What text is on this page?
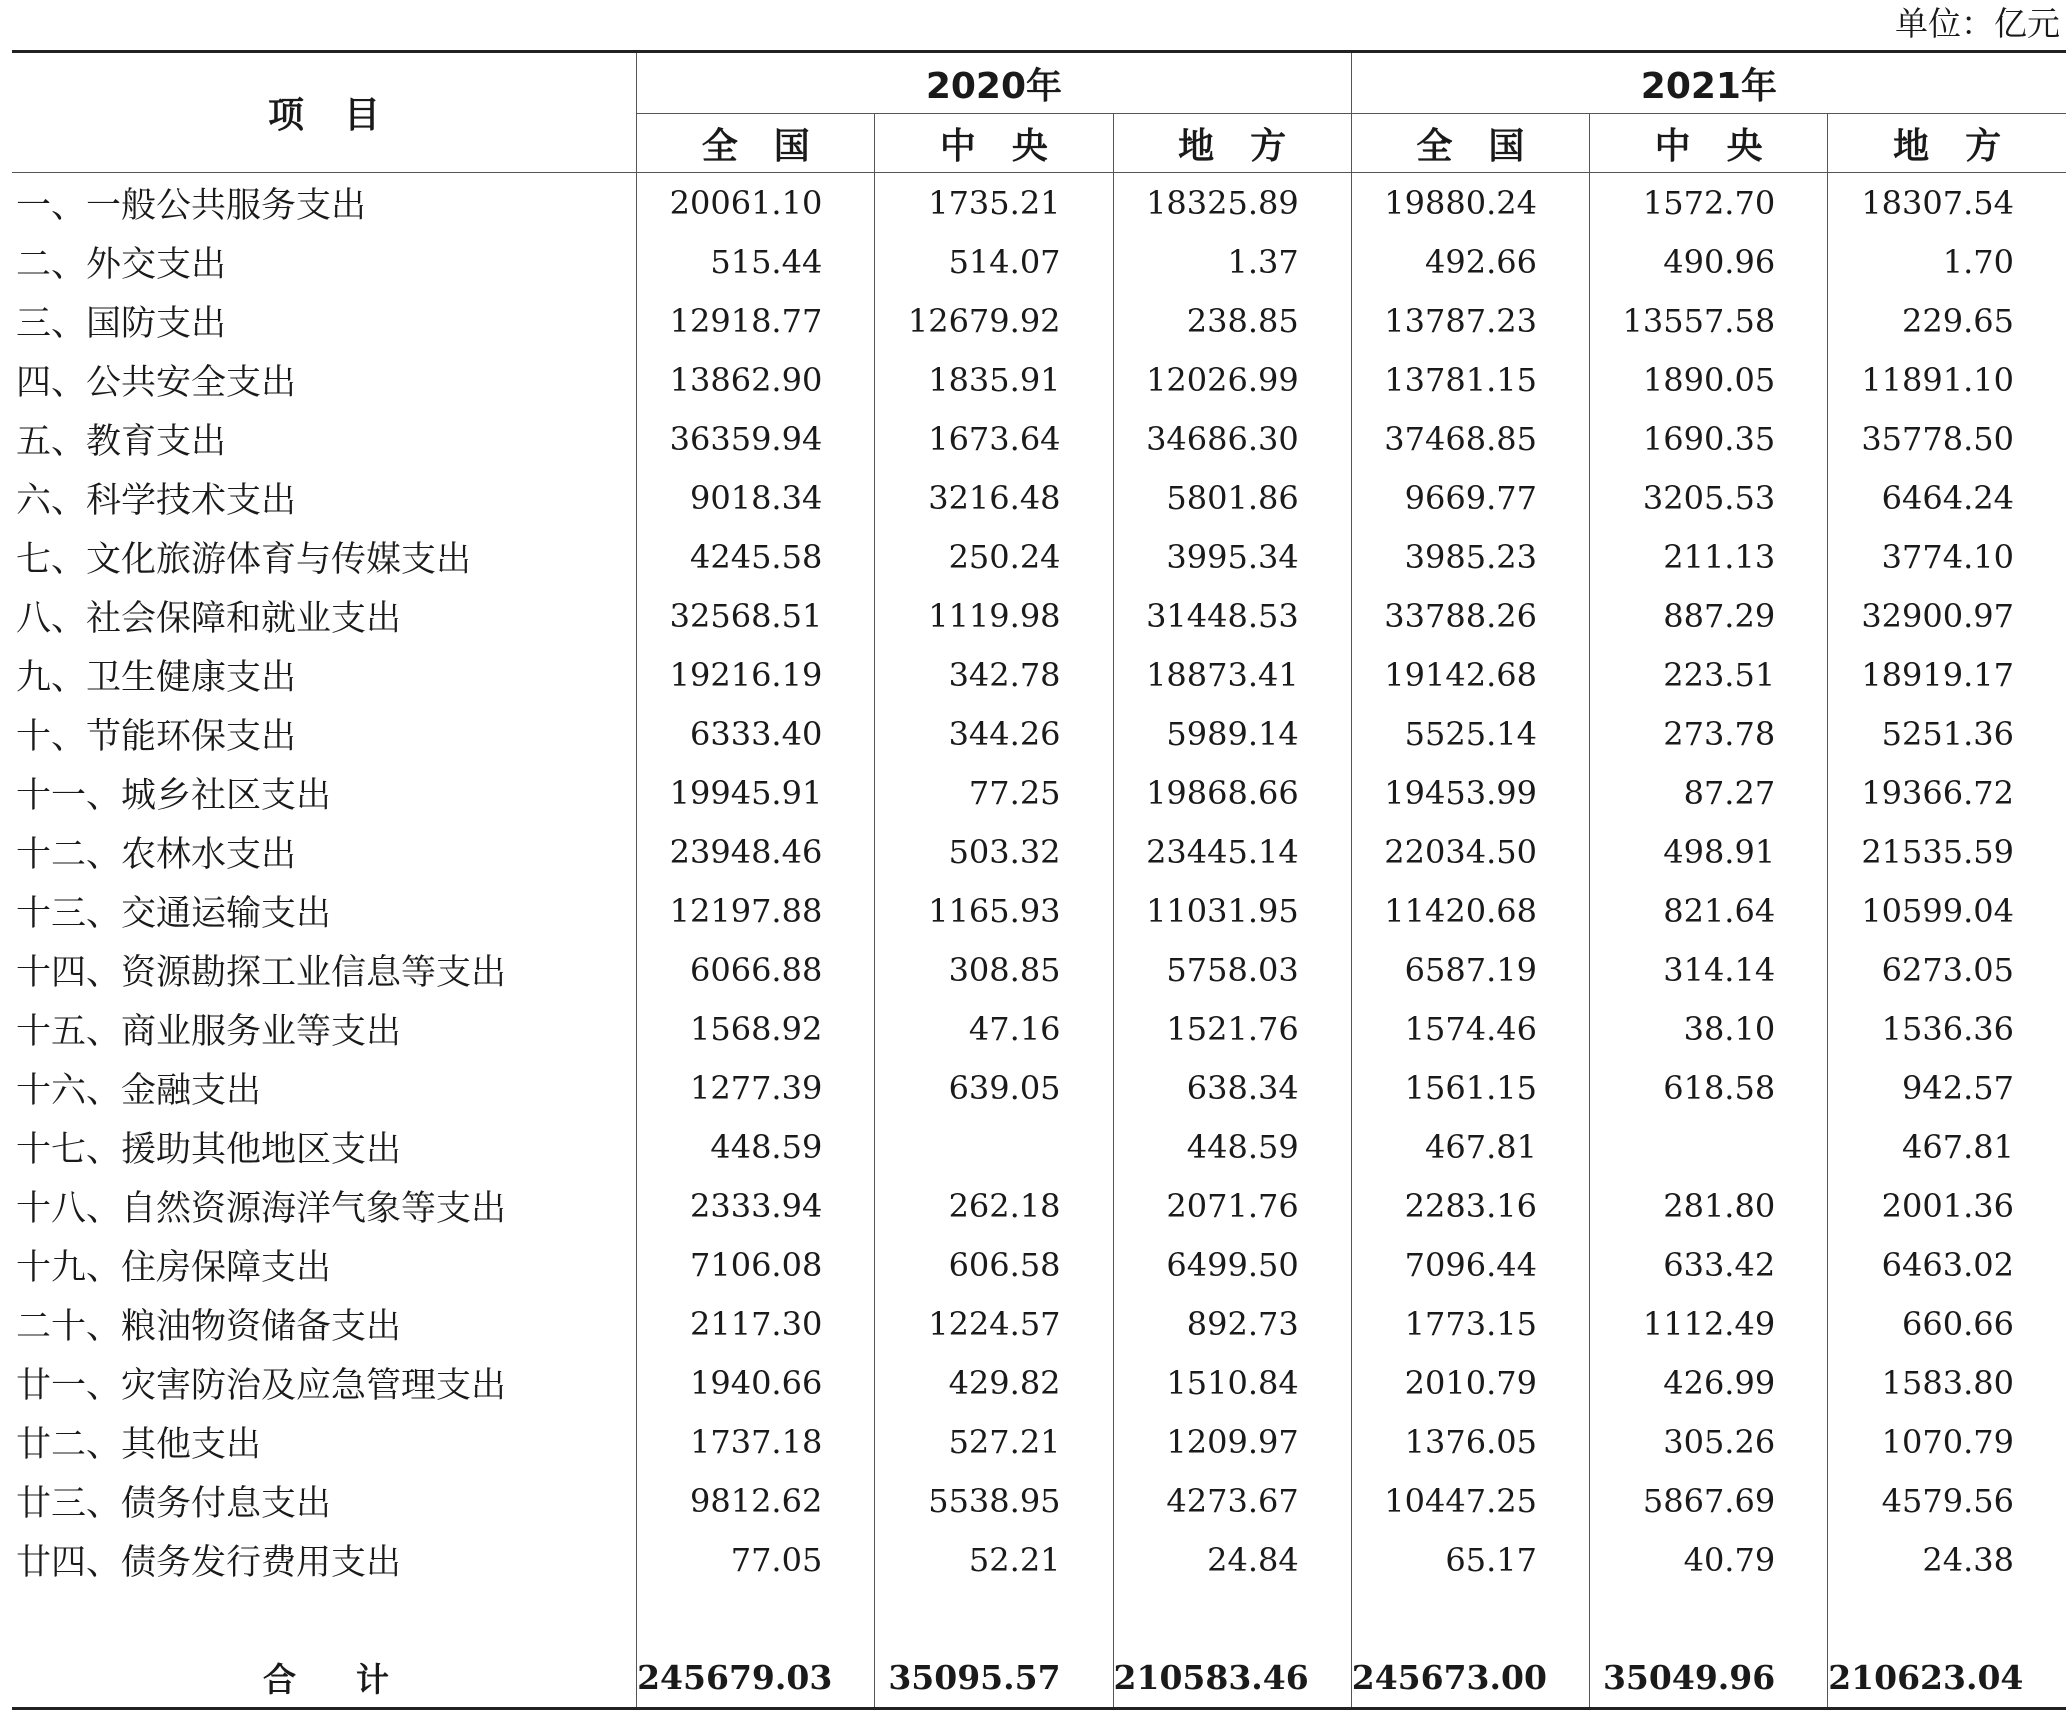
单位：亿元
项目	2020年			2021年		
	全国	中央	地方	全国	中央	地方
一、一般公共服务支出	20061.10	1735.21	18325.89	19880.24	1572.70	18307.54
二、外交支出	515.44	514.07	1.37	492.66	490.96	1.70
三、国防支出	12918.77	12679.92	238.85	13787.23	13557.58	229.65
四、公共安全支出	13862.90	1835.91	12026.99	13781.15	1890.05	11891.10
五、教育支出	36359.94	1673.64	34686.30	37468.85	1690.35	35778.50
六、科学技术支出	9018.34	3216.48	5801.86	9669.77	3205.53	6464.24
七、文化旅游体育与传媒支出	4245.58	250.24	3995.34	3985.23	211.13	3774.10
八、社会保障和就业支出	32568.51	1119.98	31448.53	33788.26	887.29	32900.97
九、卫生健康支出	19216.19	342.78	18873.41	19142.68	223.51	18919.17
十、节能环保支出	6333.40	344.26	5989.14	5525.14	273.78	5251.36
十一、城乡社区支出	19945.91	77.25	19868.66	19453.99	87.27	19366.72
十二、农林水支出	23948.46	503.32	23445.14	22034.50	498.91	21535.59
十三、交通运输支出	12197.88	1165.93	11031.95	11420.68	821.64	10599.04
十四、资源勘探工业信息等支出	6066.88	308.85	5758.03	6587.19	314.14	6273.05
十五、商业服务业等支出	1568.92	47.16	1521.76	1574.46	38.10	1536.36
十六、金融支出	1277.39	639.05	638.34	1561.15	618.58	942.57
十七、援助其他地区支出	448.59		448.59	467.81		467.81
十八、自然资源海洋气象等支出	2333.94	262.18	2071.76	2283.16	281.80	2001.36
十九、住房保障支出	7106.08	606.58	6499.50	7096.44	633.42	6463.02
二十、粮油物资储备支出	2117.30	1224.57	892.73	1773.15	1112.49	660.66
廿一、灾害防治及应急管理支出	1940.66	429.82	1510.84	2010.79	426.99	1583.80
廿二、其他支出	1737.18	527.21	1209.97	1376.05	305.26	1070.79
廿三、债务付息支出	9812.62	5538.95	4273.67	10447.25	5867.69	4579.56
廿四、债务发行费用支出	77.05	52.21	24.84	65.17	40.79	24.38

合计	245679.03	35095.57	210583.46	245673.00	35049.96	210623.04
